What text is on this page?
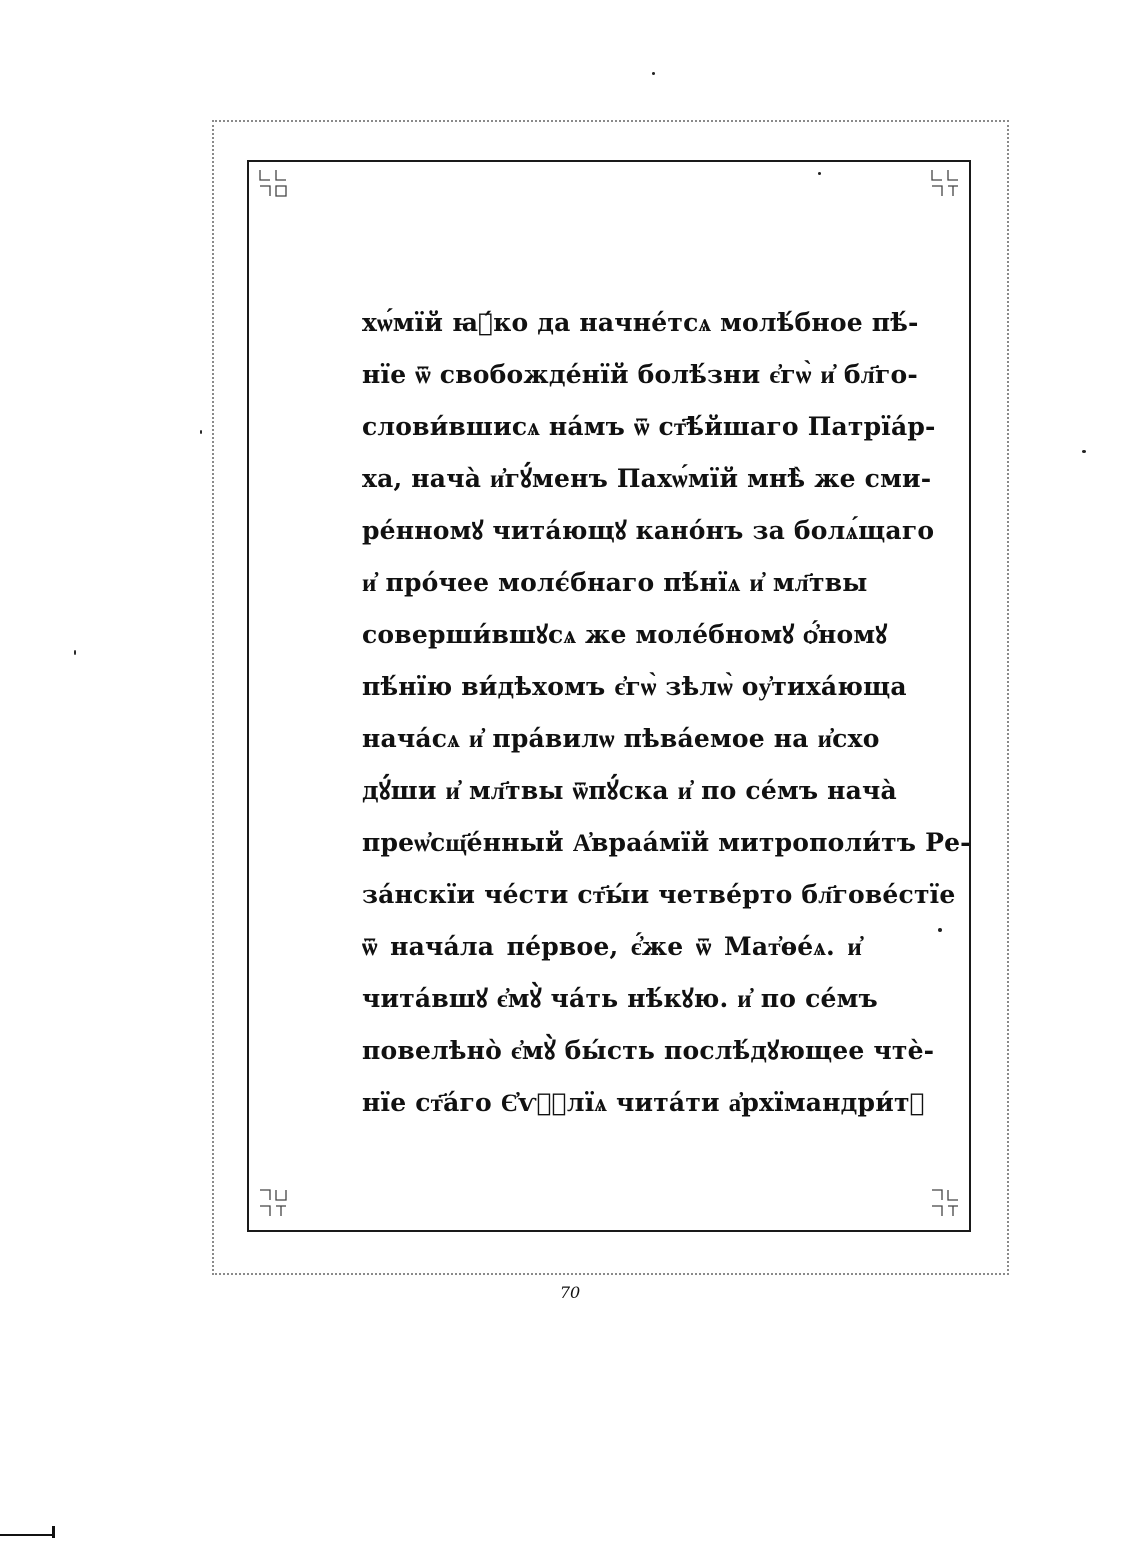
хѡ́мїй ꙗ҆́ко да начне́тсѧ молѣ́бное пѣ́-
нїе ѿ свобожде́нїй болѣ́зни є҆гѡ̀ и҆ бл҃го-
слови́вшисѧ на́мъ ѿ ст҃ѣ́йшаго Патрїа́р-
ха, нача̀ и҆гꙋ́менъ Пахѡ́мїй мнѣ̀ же сми-
ре́нномꙋ чита́ющꙋ кано́нъ за болѧ́щаго
и҆ про́чее молє́бнаго пѣ́нїѧ и҆ мл҃твы
соверши́вшꙋсѧ же моле́бномꙋ ѻ҆́номꙋ
пѣ́нїю ви́дѣхомъ є҆гѡ̀ зѣлѡ̀ оу҆тиха́юща
нача́сѧ и҆ пра́вилѡ пѣва́емое на и҆схо
дꙋ́ши и҆ мл҃твы ѿпꙋ́ска и҆ по се́мъ нача̀
преѡ҆сщ҃е́нный А҆враа́мїй митрополи́тъ Ре-
за́нскїи че́сти ст҃ы́и четве́рто бл҃гове́стїе
ѿ нача́ла пе́рвое, є҆́же ѿ Мат҆ѳе́ѧ. и҆
чита́вшꙋ є҆мꙋ̀ ча́ть нѣ́кꙋю. и҆ по се́мъ
повелѣно̀ є҆мꙋ̀ бы́сть послѣ́дꙋющее чтѐ-
нїе ст҃а́го Є҆ѵⷢ҇лїѧ чита́ти а҆рхїмандри́тꙋ
70
